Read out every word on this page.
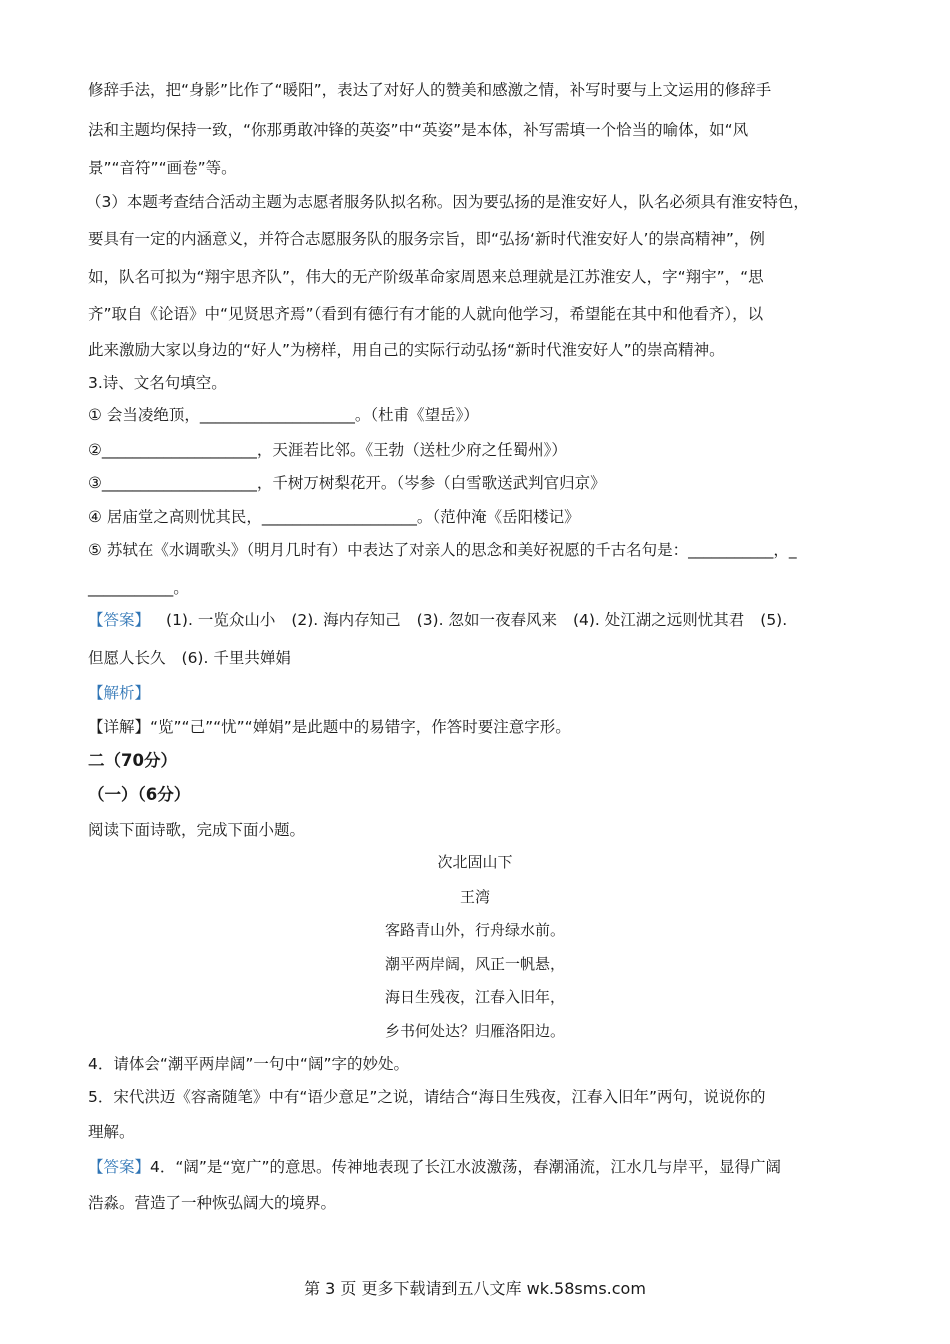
修辞手法，把“身影”比作了“暖阳”，表达了对好人的赞美和感激之情，补写时要与上文运用的修辞手
法和主题均保持一致，“你那勇敢冲锋的英姿”中“英姿”是本体，补写需填一个恰当的喻体，如“风
景”“音符”“画卷”等。
（3）本题考查结合活动主题为志愿者服务队拟名称。因为要弘扬的是淮安好人，队名必须具有淮安特色，
要具有一定的内涵意义，并符合志愿服务队的服务宗旨，即“弘扬‘新时代淮安好人’的崇高精神”，例
如，队名可拟为“翔宇思齐队”，伟大的无产阶级革命家周恩来总理就是江苏淮安人，字“翔宇”，“思
齐”取自《论语》中“见贤思齐焉”（看到有德行有才能的人就向他学习，希望能在其中和他看齐），以
此来激励大家以身边的“好人”为榜样，用自己的实际行动弘扬“新时代淮安好人”的崇高精神。
3.诗、文名句填空。
① 会当凌绝顶，____________________。（杜甫《望岳》）
②____________________，天涯若比邻。《王勃（送杜少府之任蜀州》）
③____________________，千树万树梨花开。（岑参（白雪歌送武判官归京》
④ 居庙堂之高则忧其民，____________________。（范仲淹《岳阳楼记》
⑤ 苏轼在《水调歌头》（明月几时有）中表达了对亲人的思念和美好祝愿的千古名句是：___________，_
___________。
【答案】 (1). 一览众山小 (2). 海内存知己 (3). 忽如一夜春风来 (4). 处江湖之远则忧其君 (5).
但愿人长久 (6). 千里共婵娟
【解析】
【详解】“览”“己”“忧”“婵娟”是此题中的易错字，作答时要注意字形。
二（70分）
（一）（6分）
阅读下面诗歌，完成下面小题。
次北固山下
王湾
客路青山外，行舟绿水前。
潮平两岸阔，风正一帆悬，
海日生残夜，江春入旧年，
乡书何处达？归雁洛阳边。
4．请体会“潮平两岸阔”一句中“阔”字的妙处。
5．宋代洪迈《容斋随笔》中有“语少意足”之说，请结合“海日生残夜，江春入旧年”两句，说说你的
理解。
【答案】4．“阔”是“宽广”的意思。传神地表现了长江水波激荡，春潮涌流，江水几与岸平，显得广阔
浩淼。营造了一种恢弘阔大的境界。
第 3 页 更多下载请到五八文库 wk.58sms.com
